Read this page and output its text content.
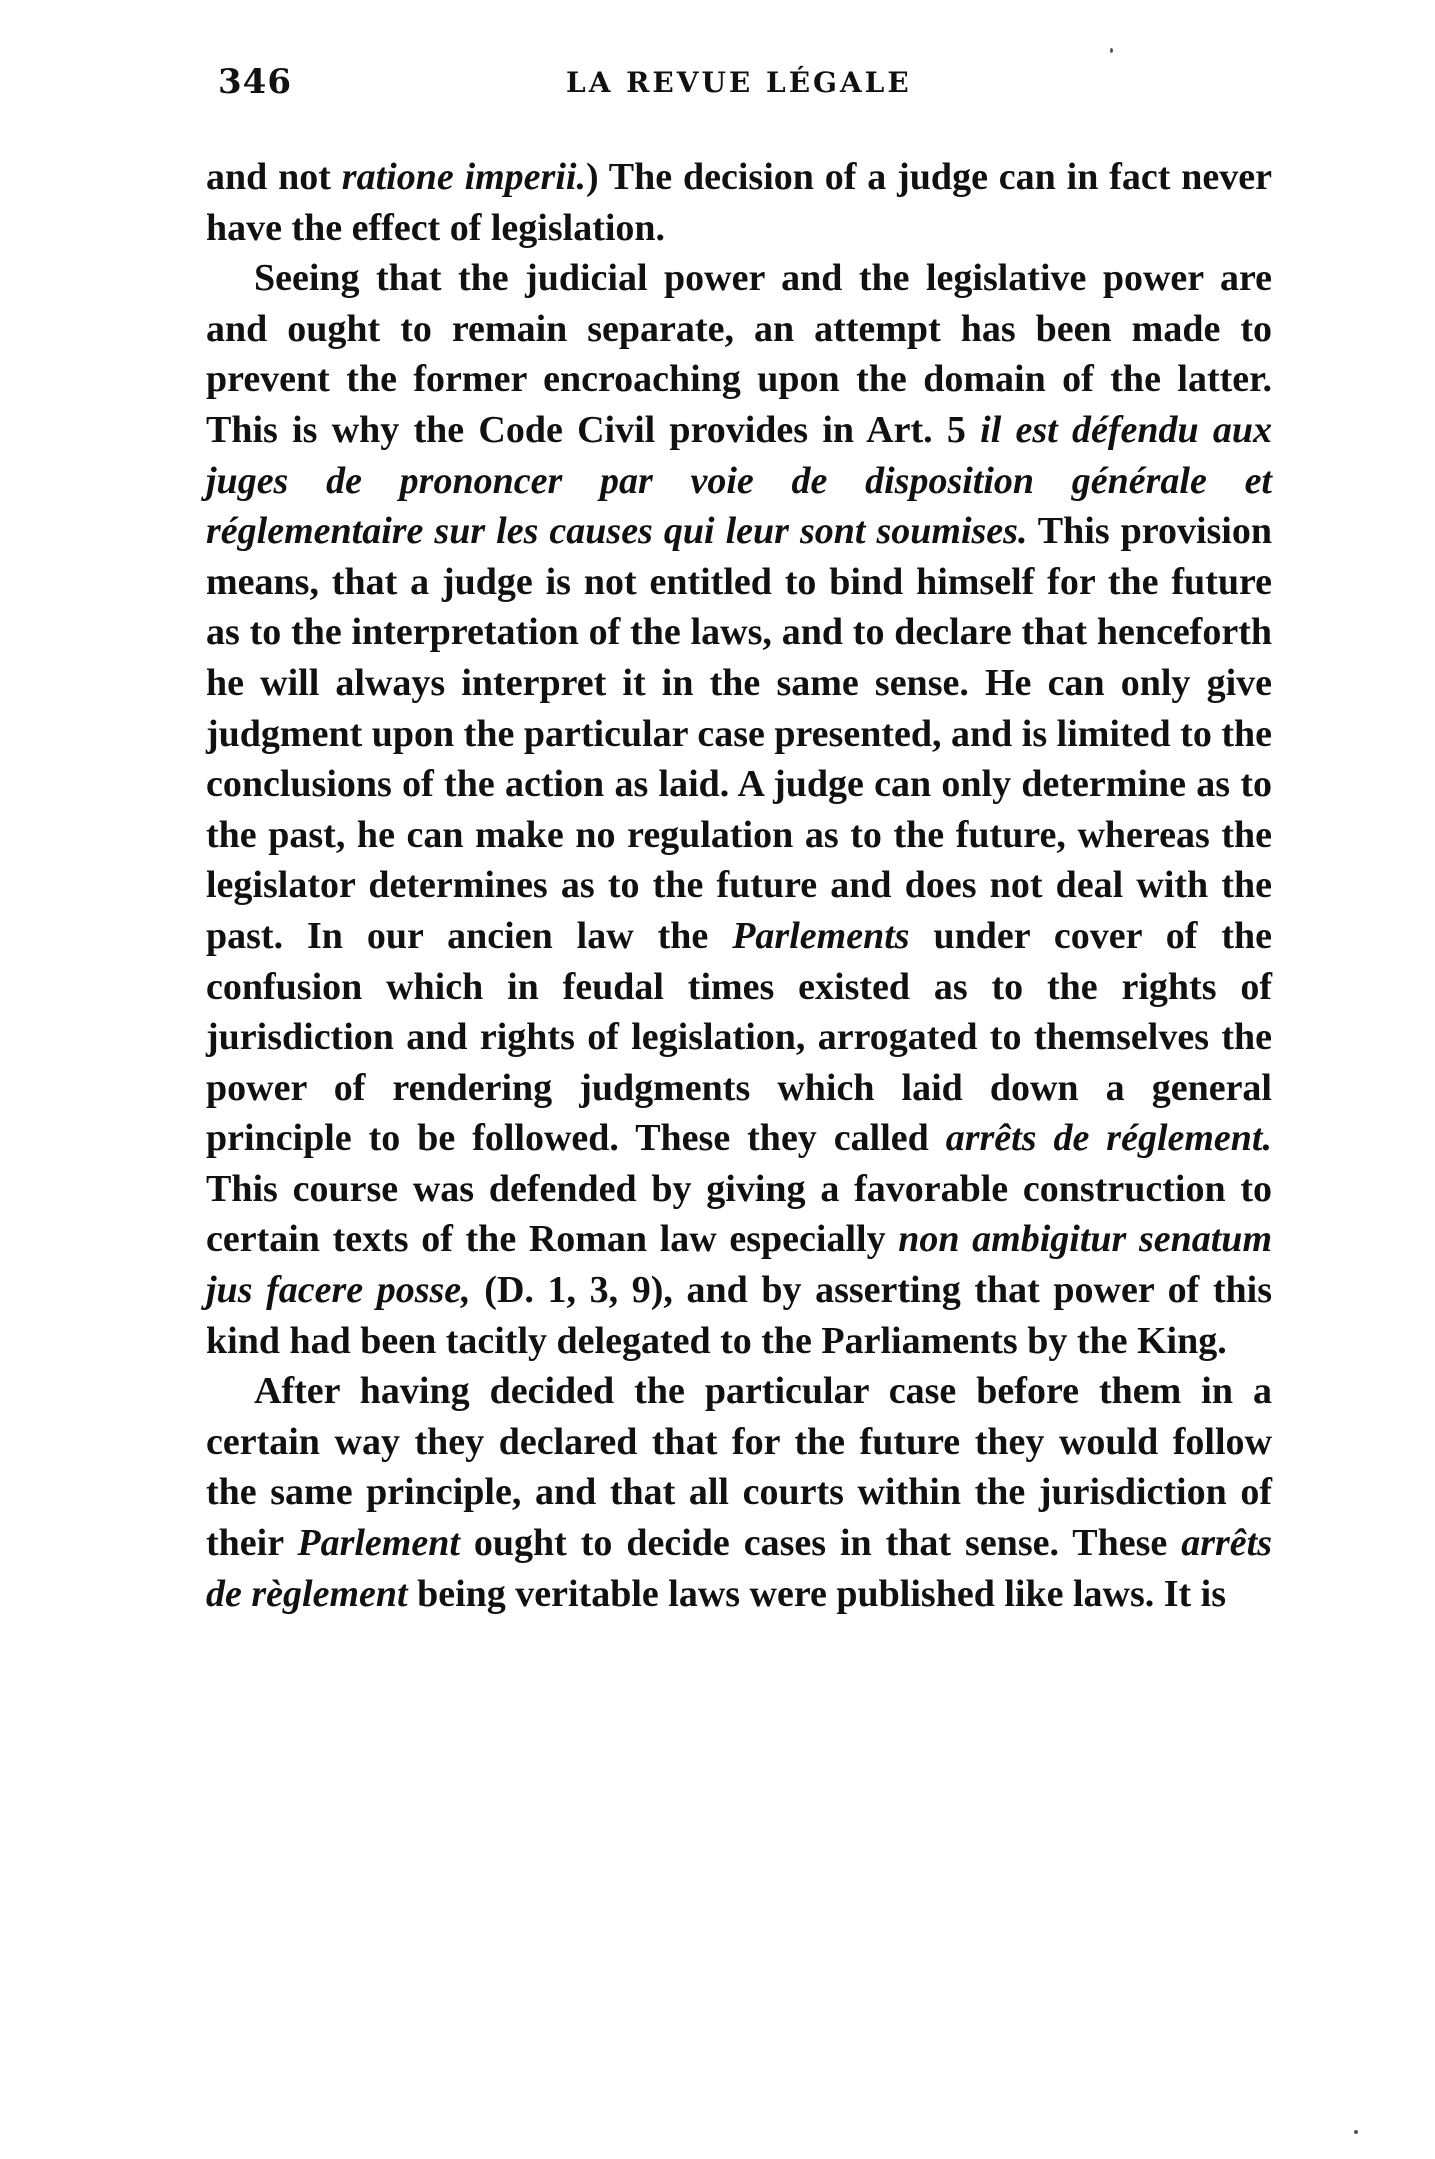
346	LA REVUE LÉGALE

and not ratione imperii.) The decision of a judge can in fact never have the effect of legislation.

Seeing that the judicial power and the legislative power are and ought to remain separate, an attempt has been made to prevent the former encroaching upon the domain of the latter. This is why the Code Civil provides in Art. 5 il est défendu aux juges de prononcer par voie de disposition générale et réglementaire sur les causes qui leur sont soumises. This provision means, that a judge is not entitled to bind himself for the future as to the interpretation of the laws, and to declare that henceforth he will always interpret it in the same sense. He can only give judgment upon the particular case presented, and is limited to the conclusions of the action as laid. A judge can only determine as to the past, he can make no regulation as to the future, whereas the legislator determines as to the future and does not deal with the past. In our ancien law the Parlements under cover of the confusion which in feudal times existed as to the rights of jurisdiction and rights of legislation, arrogated to themselves the power of rendering judgments which laid down a general principle to be followed. These they called arrêts de réglement. This course was defended by giving a favorable construction to certain texts of the Roman law especially non ambigitur senatum jus facere posse, (D. 1, 3, 9), and by asserting that power of this kind had been tacitly delegated to the Parliaments by the King.

After having decided the particular case before them in a certain way they declared that for the future they would follow the same principle, and that all courts within the jurisdiction of their Parlement ought to decide cases in that sense. These arrêts de règlement being veritable laws were published like laws. It is
